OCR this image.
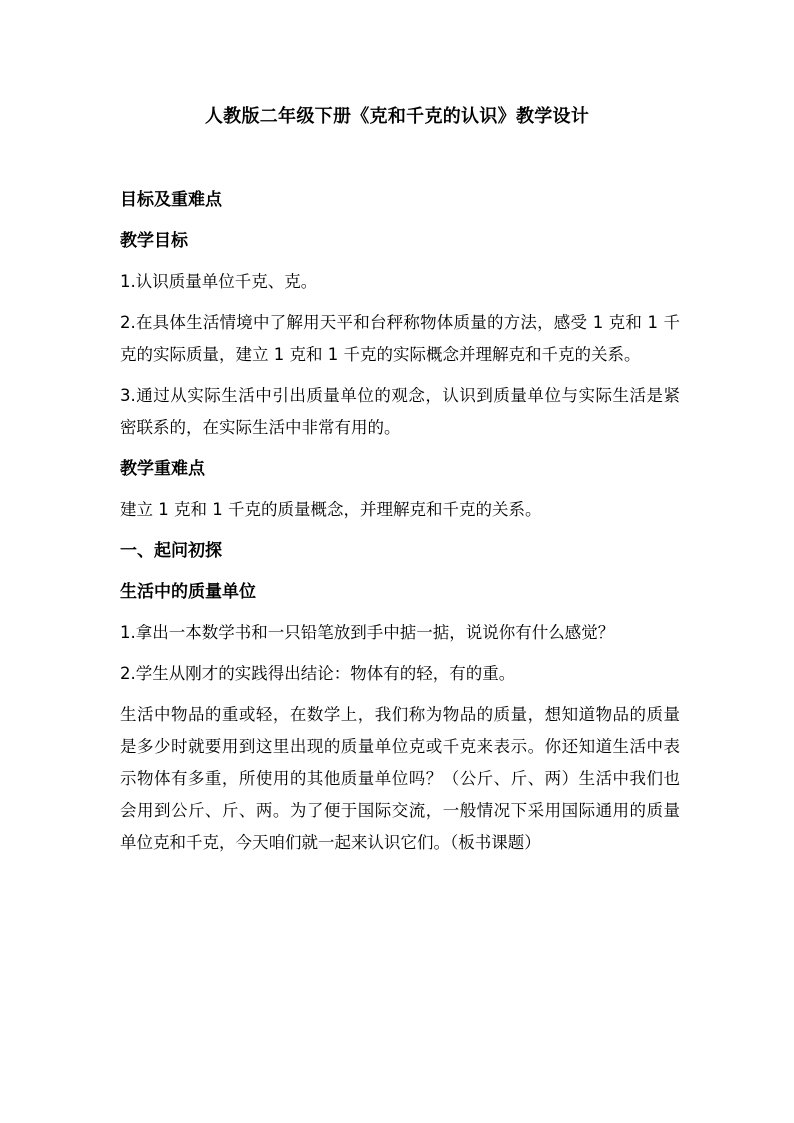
人教版二年级下册《克和千克的认识》教学设计

目标及重难点

教学目标

1.认识质量单位千克、克。

2.在具体生活情境中了解用天平和台秤称物体质量的方法，感受 1 克和 1 千克的实际质量，建立 1 克和 1 千克的实际概念并理解克和千克的关系。

3.通过从实际生活中引出质量单位的观念，认识到质量单位与实际生活是紧密联系的，在实际生活中非常有用的。

教学重难点

建立 1 克和 1 千克的质量概念，并理解克和千克的关系。

一、起问初探

生活中的质量单位

1.拿出一本数学书和一只铅笔放到手中掂一掂，说说你有什么感觉？

2.学生从刚才的实践得出结论：物体有的轻，有的重。

生活中物品的重或轻，在数学上，我们称为物品的质量，想知道物品的质量是多少时就要用到这里出现的质量单位克或千克来表示。你还知道生活中表示物体有多重，所使用的其他质量单位吗？（公斤、斤、两）生活中我们也会用到公斤、斤、两。为了便于国际交流，一般情况下采用国际通用的质量单位克和千克，今天咱们就一起来认识它们。（板书课题）
